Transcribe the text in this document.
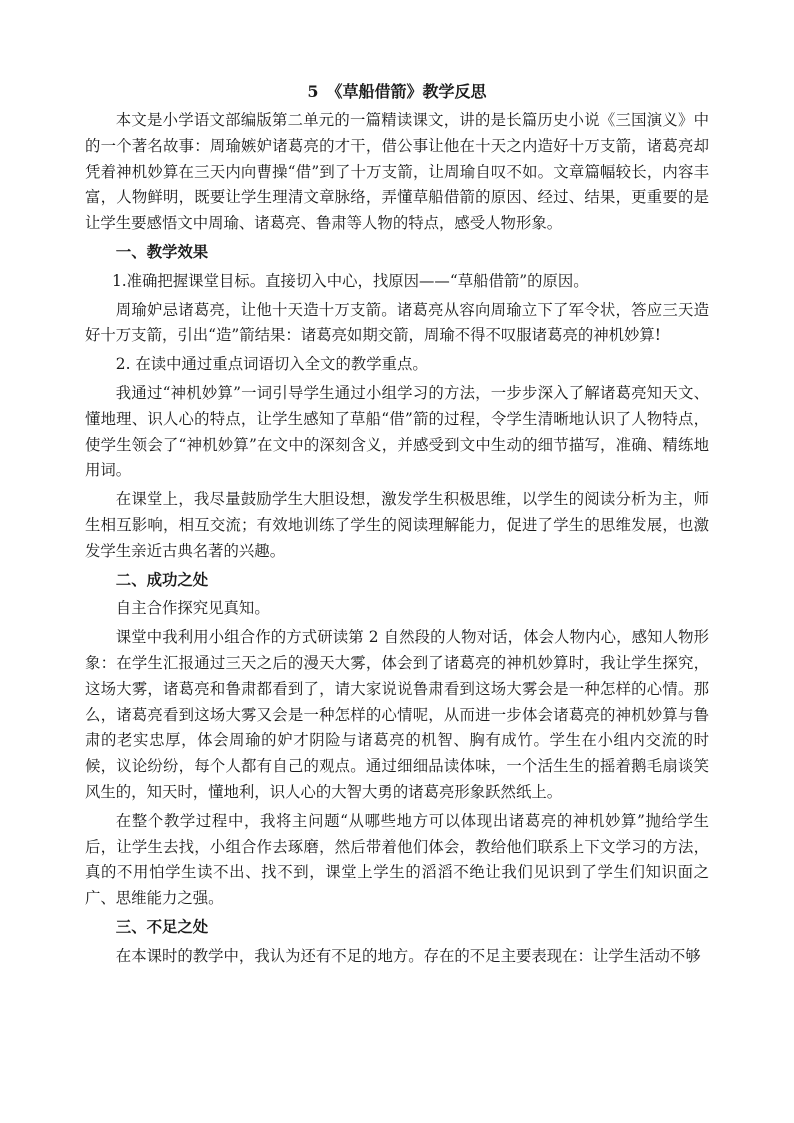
5　《草船借箭》教学反思
本文是小学语文部编版第二单元的一篇精读课文，讲的是长篇历史小说《三国演义》中的一个著名故事：周瑜嫉妒诸葛亮的才干，借公事让他在十天之内造好十万支箭，诸葛亮却凭着神机妙算在三天内向曹操“借”到了十万支箭，让周瑜自叹不如。文章篇幅较长，内容丰富，人物鲜明，既要让学生理清文章脉络，弄懂草船借箭的原因、经过、结果，更重要的是让学生要感悟文中周瑜、诸葛亮、鲁肃等人物的特点，感受人物形象。
一、教学效果
1.准确把握课堂目标。直接切入中心，找原因——“草船借箭”的原因。
周瑜妒忌诸葛亮，让他十天造十万支箭。诸葛亮从容向周瑜立下了军令状，答应三天造好十万支箭，引出“造”箭结果：诸葛亮如期交箭，周瑜不得不叹服诸葛亮的神机妙算!
2. 在读中通过重点词语切入全文的教学重点。
我通过“神机妙算”一词引导学生通过小组学习的方法，一步步深入了解诸葛亮知天文、懂地理、识人心的特点，让学生感知了草船“借”箭的过程，令学生清晰地认识了人物特点，使学生领会了“神机妙算”在文中的深刻含义，并感受到文中生动的细节描写，准确、精练地用词。
在课堂上，我尽量鼓励学生大胆设想，激发学生积极思维，以学生的阅读分析为主，师生相互影响，相互交流；有效地训练了学生的阅读理解能力，促进了学生的思维发展，也激发学生亲近古典名著的兴趣。
二、成功之处
自主合作探究见真知。
课堂中我利用小组合作的方式研读第 2 自然段的人物对话，体会人物内心，感知人物形象：在学生汇报通过三天之后的漫天大雾，体会到了诸葛亮的神机妙算时，我让学生探究，这场大雾，诸葛亮和鲁肃都看到了，请大家说说鲁肃看到这场大雾会是一种怎样的心情。那么，诸葛亮看到这场大雾又会是一种怎样的心情呢，从而进一步体会诸葛亮的神机妙算与鲁肃的老实忠厚，体会周瑜的妒才阴险与诸葛亮的机智、胸有成竹。学生在小组内交流的时候，议论纷纷，每个人都有自己的观点。通过细细品读体味，一个活生生的摇着鹅毛扇谈笑风生的，知天时，懂地利，识人心的大智大勇的诸葛亮形象跃然纸上。
在整个教学过程中，我将主问题“从哪些地方可以体现出诸葛亮的神机妙算”抛给学生后，让学生去找，小组合作去琢磨，然后带着他们体会，教给他们联系上下文学习的方法，真的不用怕学生读不出、找不到，课堂上学生的滔滔不绝让我们见识到了学生们知识面之广、思维能力之强。
三、不足之处
在本课时的教学中，我认为还有不足的地方。存在的不足主要表现在：让学生活动不够
